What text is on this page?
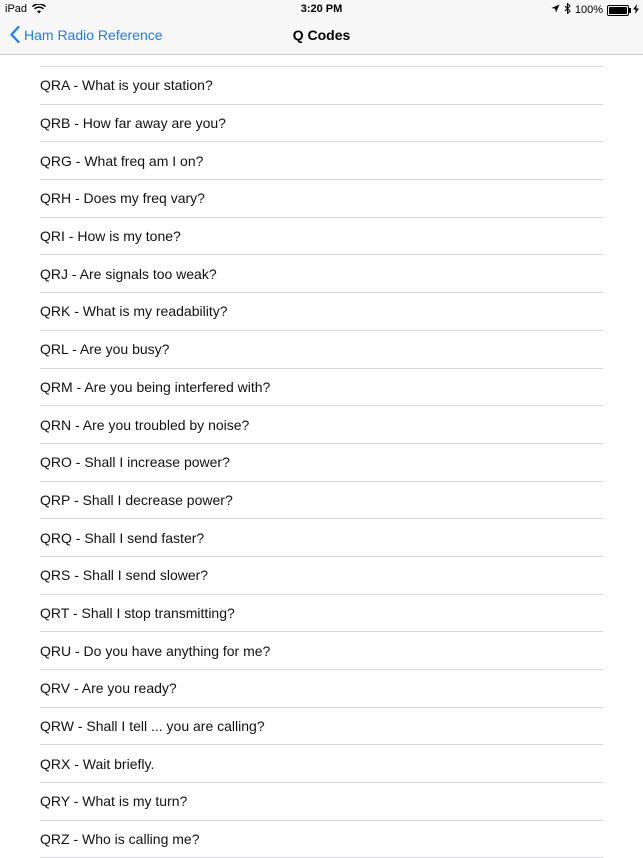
iPad	3:20 PM	100%
Ham Radio Reference	Q Codes
QRA - What is your station?
QRB - How far away are you?
QRG - What freq am I on?
QRH - Does my freq vary?
QRI - How is my tone?
QRJ - Are signals too weak?
QRK - What is my readability?
QRL - Are you busy?
QRM - Are you being interfered with?
QRN - Are you troubled by noise?
QRO - Shall I increase power?
QRP - Shall I decrease power?
QRQ - Shall I send faster?
QRS - Shall I send slower?
QRT - Shall I stop transmitting?
QRU - Do you have anything for me?
QRV - Are you ready?
QRW - Shall I tell ... you are calling?
QRX - Wait briefly.
QRY - What is my turn?
QRZ - Who is calling me?
